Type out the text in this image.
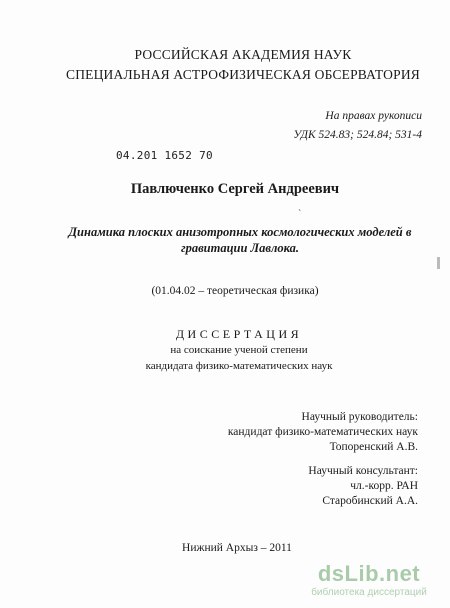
РОССИЙСКАЯ АКАДЕМИЯ НАУК
СПЕЦИАЛЬНАЯ АСТРОФИЗИЧЕСКАЯ ОБСЕРВАТОРИЯ
На правах рукописи
УДК 524.83; 524.84; 531-4
04.201 1652 70
Павлюченко Сергей Андреевич
`
Динамика плоских анизотропных космологических моделей в
гравитации Лавлока.
(01.04.02 – теоретическая физика)
ДИССЕРТАЦИЯ
на соискание ученой степени
кандидата физико-математических наук
Научный руководитель:
кандидат физико-математических наук
Топоренский А.В.
Научный консультант:
чл.-корр. РАН
Старобинский А.А.
Нижний Архыз – 2011
dsLib.net
библиотека диссертаций
